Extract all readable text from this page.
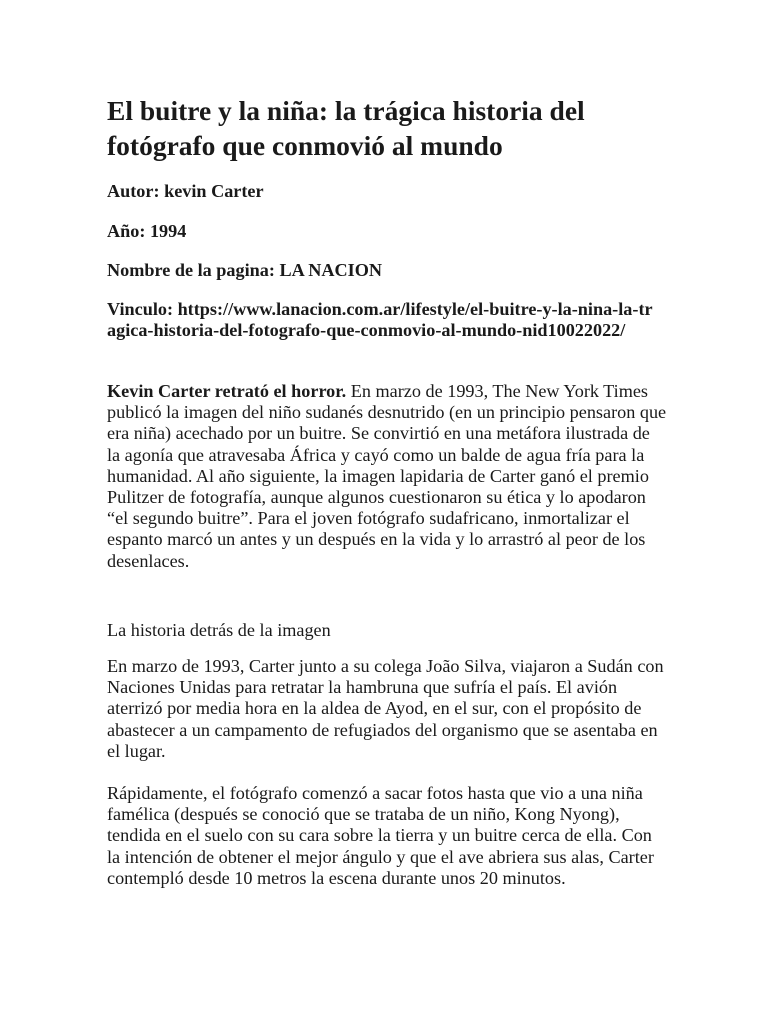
El buitre y la niña: la trágica historia del fotógrafo que conmovió al mundo

Autor: kevin Carter

Año: 1994

Nombre de la pagina: LA NACION

Vinculo: https://www.lanacion.com.ar/lifestyle/el-buitre-y-la-nina-la-tragica-historia-del-fotografo-que-conmovio-al-mundo-nid10022022/

Kevin Carter retrató el horror. En marzo de 1993, The New York Times publicó la imagen del niño sudanés desnutrido (en un principio pensaron que era niña) acechado por un buitre. Se convirtió en una metáfora ilustrada de la agonía que atravesaba África y cayó como un balde de agua fría para la humanidad. Al año siguiente, la imagen lapidaria de Carter ganó el premio Pulitzer de fotografía, aunque algunos cuestionaron su ética y lo apodaron “el segundo buitre”. Para el joven fotógrafo sudafricano, inmortalizar el espanto marcó un antes y un después en la vida y lo arrastró al peor de los desenlaces.

La historia detrás de la imagen

En marzo de 1993, Carter junto a su colega João Silva, viajaron a Sudán con Naciones Unidas para retratar la hambruna que sufría el país. El avión aterrizó por media hora en la aldea de Ayod, en el sur, con el propósito de abastecer a un campamento de refugiados del organismo que se asentaba en el lugar.

Rápidamente, el fotógrafo comenzó a sacar fotos hasta que vio a una niña famélica (después se conoció que se trataba de un niño, Kong Nyong), tendida en el suelo con su cara sobre la tierra y un buitre cerca de ella. Con la intención de obtener el mejor ángulo y que el ave abriera sus alas, Carter contempló desde 10 metros la escena durante unos 20 minutos.
